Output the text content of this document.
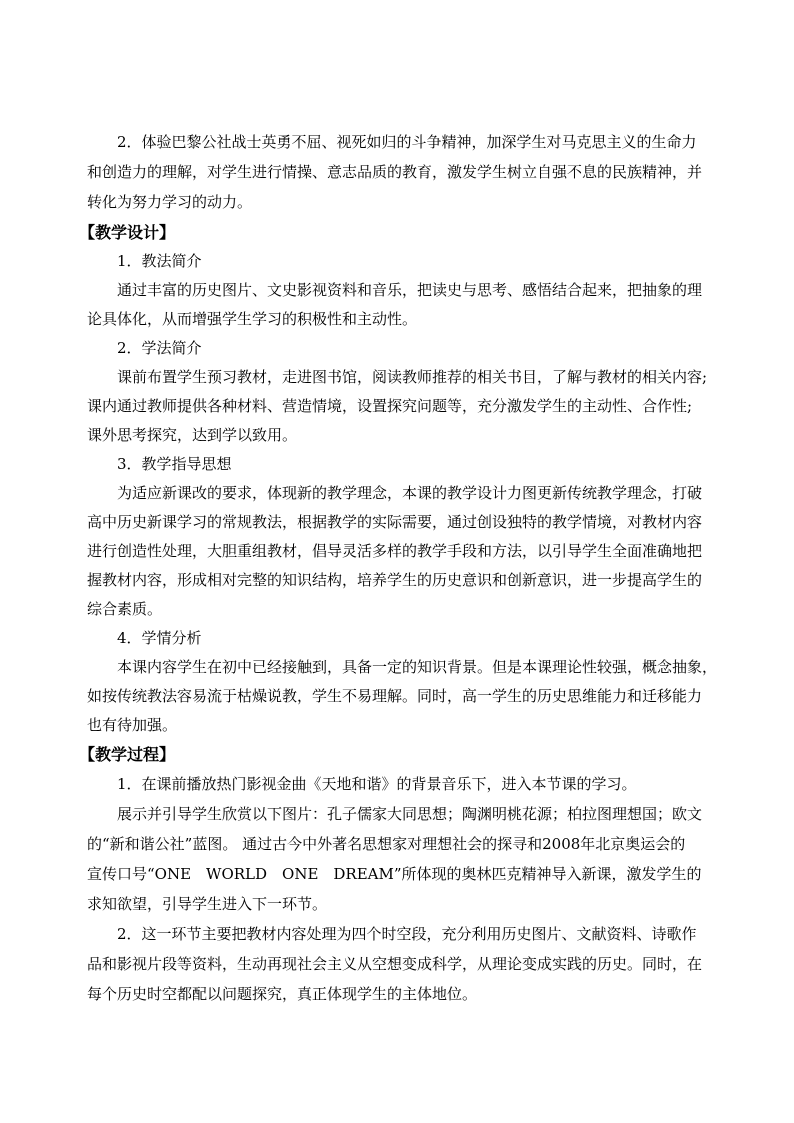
　　2．体验巴黎公社战士英勇不屈、视死如归的斗争精神，加深学生对马克思主义的生命力
和创造力的理解，对学生进行情操、意志品质的教育，激发学生树立自强不息的民族精神，并
转化为努力学习的动力。
【教学设计】
　　1．教法简介
　　通过丰富的历史图片、文史影视资料和音乐，把读史与思考、感悟结合起来，把抽象的理
论具体化，从而增强学生学习的积极性和主动性。
　　2．学法简介
　　课前布置学生预习教材，走进图书馆，阅读教师推荐的相关书目，了解与教材的相关内容;
课内通过教师提供各种材料、营造情境，设置探究问题等，充分激发学生的主动性、合作性;
课外思考探究，达到学以致用。
　　3．教学指导思想
　　为适应新课改的要求，体现新的教学理念，本课的教学设计力图更新传统教学理念，打破
高中历史新课学习的常规教法，根据教学的实际需要，通过创设独特的教学情境，对教材内容
进行创造性处理，大胆重组教材，倡导灵活多样的教学手段和方法，以引导学生全面准确地把
握教材内容，形成相对完整的知识结构，培养学生的历史意识和创新意识，进一步提高学生的
综合素质。
　　4．学情分析
　　本课内容学生在初中已经接触到，具备一定的知识背景。但是本课理论性较强，概念抽象，
如按传统教法容易流于枯燥说教，学生不易理解。同时，高一学生的历史思维能力和迁移能力
也有待加强。
【教学过程】
　　1．在课前播放热门影视金曲《天地和谐》的背景音乐下，进入本节课的学习。
　　展示并引导学生欣赏以下图片：孔子儒家大同思想；陶渊明桃花源；柏拉图理想国；欧文
的“新和谐公社”蓝图。 通过古今中外著名思想家对理想社会的探寻和2008年北京奥运会的
宣传口号“ONE　WORLD　ONE　DREAM”所体现的奥林匹克精神导入新课，激发学生的
求知欲望，引导学生进入下一环节。
　　2．这一环节主要把教材内容处理为四个时空段，充分利用历史图片、文献资料、诗歌作
品和影视片段等资料，生动再现社会主义从空想变成科学，从理论变成实践的历史。同时，在
每个历史时空都配以问题探究，真正体现学生的主体地位。
